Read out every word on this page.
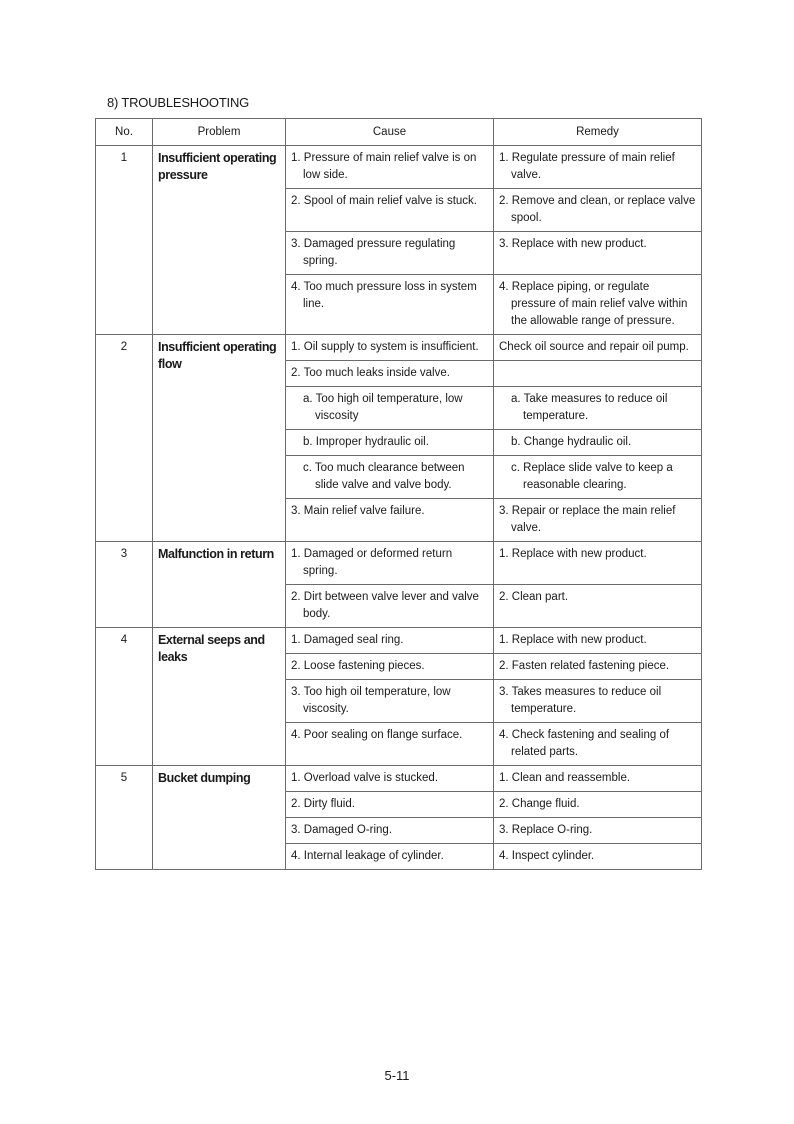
8) TROUBLESHOOTING
No.	Problem	Cause	Remedy
1	Insufficient operating pressure	1. Pressure of main relief valve is on low side.	1. Regulate pressure of main relief valve.

		2. Spool of main relief valve is stuck.	2. Remove and clean, or replace valve spool.

		3. Damaged pressure regulating spring.	3. Replace with new product.

		4. Too much pressure loss in system line.	4. Replace piping, or regulate pressure of main relief valve within the allowable range of pressure.

2	Insufficient operating flow	1. Oil supply to system is insufficient.	Check oil source and repair oil pump.

		2. Too much leaks inside valve.	

		a. Too high oil temperature, low viscosity	a. Take measures to reduce oil temperature.

		b. Improper hydraulic oil.	b. Change hydraulic oil.

		c. Too much clearance between slide valve and valve body.	c. Replace slide valve to keep a reasonable clearing.

		3. Main relief valve failure.	3. Repair or replace the main relief valve.

3	Malfunction in return	1. Damaged or deformed return spring.	1. Replace with new product.

		2. Dirt between valve lever and valve body.	2. Clean part.

4	External seeps and leaks	1. Damaged seal ring.	1. Replace with new product.

		2. Loose fastening pieces.	2. Fasten related fastening piece.

		3. Too high oil temperature, low viscosity.	3. Takes measures to reduce oil temperature.

		4. Poor sealing on flange surface.	4. Check fastening and sealing of related parts.

5	Bucket dumping	1. Overload valve is stucked.	1. Clean and reassemble.

		2. Dirty fluid.	2. Change fluid.

		3. Damaged O-ring.	3. Replace O-ring.

		4. Internal leakage of cylinder.	4. Inspect cylinder.
5-11
